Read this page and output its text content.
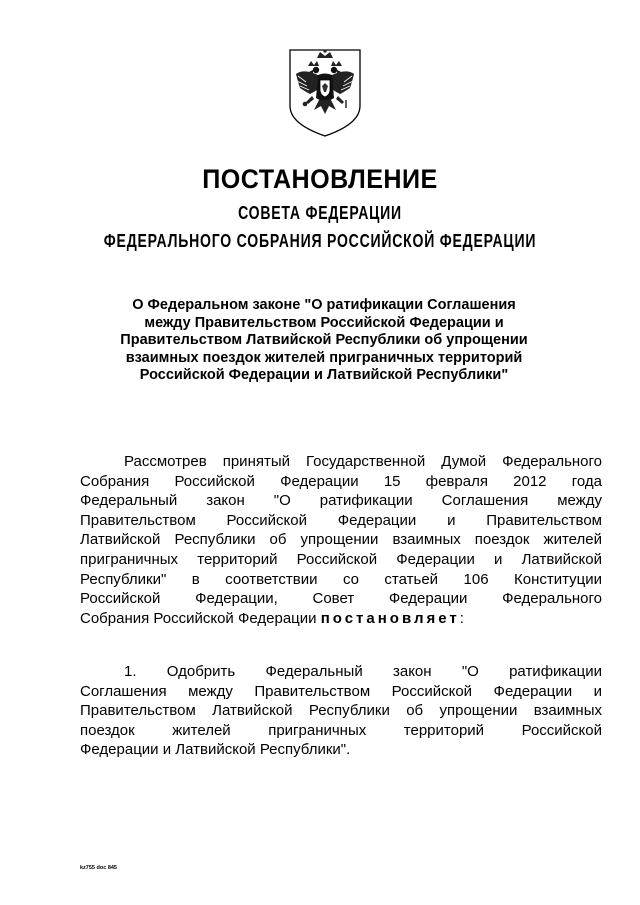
ПОСТАНОВЛЕНИЕ
СОВЕТА ФЕДЕРАЦИИ
ФЕДЕРАЛЬНОГО СОБРАНИЯ РОССИЙСКОЙ ФЕДЕРАЦИИ
О Федеральном законе "О ратификации Соглашения
между Правительством Российской Федерации и
Правительством Латвийской Республики об упрощении
взаимных поездок жителей приграничных территорий
Российской Федерации и Латвийской Республики"
Рассмотрев принятый Государственной Думой Федерального
Собрания Российской Федерации 15 февраля 2012 года
Федеральный закон "О ратификации Соглашения между
Правительством Российской Федерации и Правительством
Латвийской Республики об упрощении взаимных поездок жителей
приграничных территорий Российской Федерации и Латвийской
Республики" в соответствии со статьей 106 Конституции
Российской Федерации, Совет Федерации Федерального
Собрания Российской Федерации постановляет:
1. Одобрить Федеральный закон "О ратификации
Соглашения между Правительством Российской Федерации и
Правительством Латвийской Республики об упрощении взаимных
поездок жителей приграничных территорий Российской
Федерации и Латвийской Республики".
kz755 doc 845
